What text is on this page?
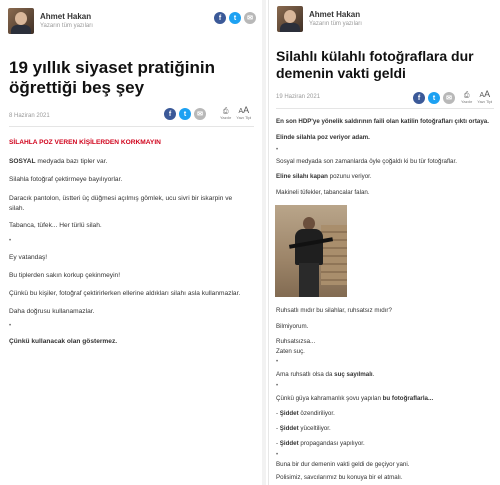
Ahmet Hakan
Yazarın tüm yazıları
f	t	✉
19 yıllık siyaset pratiğinin öğrettiği beş şey
8 Haziran 2021	f	t	✉	⎙
Yazdır
AA
Yazı Tipi
SİLAHLA POZ VEREN KİŞİLERDEN KORKMAYIN
SOSYAL medyada bazı tipler var.
Silahla fotoğraf çektirmeye bayılıyorlar.
Daracık pantolon, üstteri üç düğmesi açılmış gömlek, ucu sivri bir iskarpin ve
silah.
Tabanca, tüfek... Her türlü silah.
•
Ey vatandaş!
Bu tiplerden sakın korkup çekinmeyin!
Çünkü bu kişiler, fotoğraf çektirirlerken ellerine aldıkları silahı asla kullanmazlar.
Daha doğrusu kullanamazlar.
•
Çünkü kullanacak olan göstermez.
Ahmet Hakan
Yazarın tüm yazıları
Silahlı külahlı fotoğraflara dur demenin vakti geldi
19 Haziran 2021	f	t	✉	⎙
Yazdır
AA
Yazı Tipi
En son HDP'ye yönelik saldırının faili olan katilin fotoğrafları çıktı ortaya.
Elinde silahla poz veriyor adam.
•
Sosyal medyada son zamanlarda öyle çoğaldı ki bu tür fotoğraflar.
Eline silahı kapan pozunu veriyor.
Makineli tüfekler, tabancalar falan.
Ruhsatlı mıdır bu silahlar, ruhsatsız mıdır?
Bilmiyorum.
Ruhsatsızsa...
Zaten suç.
•
Ama ruhsatlı olsa da suç sayılmalı.
•
Çünkü güya kahramanlık şovu yapılan bu fotoğraflarla...
- Şiddet özendiriliyor.
- Şiddet yüceltiliyor.
- Şiddet propagandası yapılıyor.
•
Buna bir dur demenin vakti geldi de geçiyor yani.
Polisimiz, savcılarımız bu konuya bir el atmalı.
